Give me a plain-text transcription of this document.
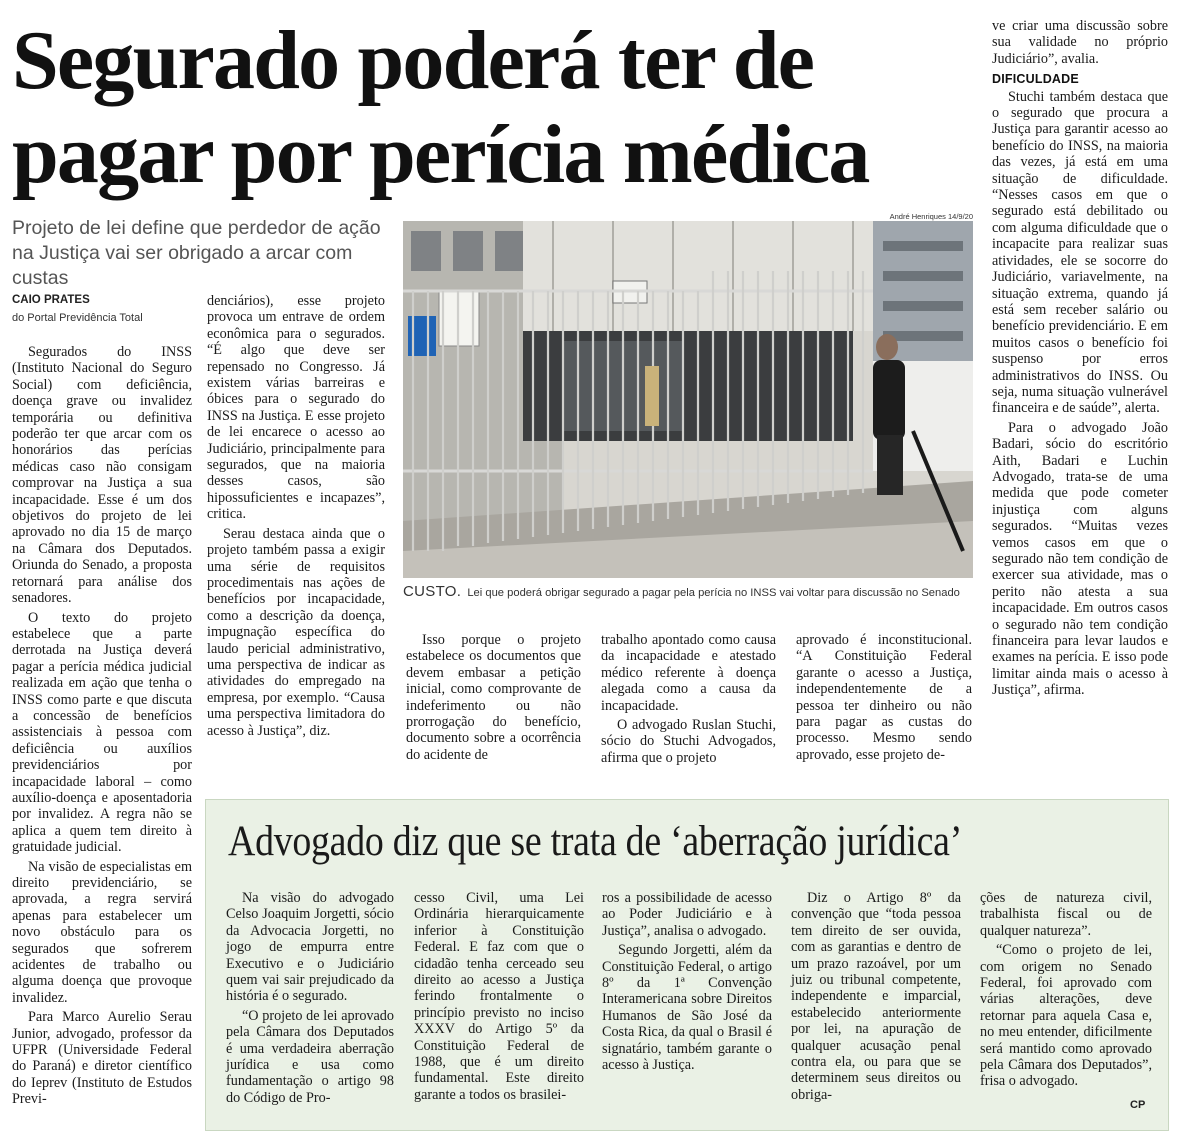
Segurado poderá ter de
pagar por perícia médica

Projeto de lei define que perdedor de ação na Justiça vai ser obrigado a arcar com custas

CAIO PRATES
do Portal Previdência Total

Segurados do INSS (Instituto Nacional do Seguro Social) com deficiência, doença grave ou invalidez temporária ou definitiva poderão ter que arcar com os honorários das perícias médicas caso não consigam comprovar na Justiça a sua incapacidade. Esse é um dos objetivos do projeto de lei aprovado no dia 15 de março na Câmara dos Deputados. Oriunda do Senado, a proposta retornará para análise dos senadores.

O texto do projeto estabelece que a parte derrotada na Justiça deverá pagar a perícia médica judicial realizada em ação que tenha o INSS como parte e que discuta a concessão de benefícios assistenciais à pessoa com deficiência ou auxílios previdenciários por incapacidade laboral – como auxílio-doença e aposentadoria por invalidez. A regra não se aplica a quem tem direito à gratuidade judicial.

Na visão de especialistas em direito previdenciário, se aprovada, a regra servirá apenas para estabelecer um novo obstáculo para os segurados que sofrerem acidentes de trabalho ou alguma doença que provoque invalidez.

Para Marco Aurelio Serau Junior, advogado, professor da UFPR (Universidade Federal do Paraná) e diretor científico do Ieprev (Instituto de Estudos Previ-

denciários), esse projeto provoca um entrave de ordem econômica para o segurados. “É algo que deve ser repensado no Congresso. Já existem várias barreiras e óbices para o segurado do INSS na Justiça. E esse projeto de lei encarece o acesso ao Judiciário, principalmente para segurados, que na maioria desses casos, são hipossuficientes e incapazes”, critica.

Serau destaca ainda que o projeto também passa a exigir uma série de requisitos procedimentais nas ações de benefícios por incapacidade, como a descrição da doença, impugnação específica do laudo pericial administrativo, uma perspectiva de indicar as atividades do empregado na empresa, por exemplo. “Causa uma perspectiva limitadora do acesso à Justiça”, diz.

André Henriques 14/9/20
CUSTO. Lei que poderá obrigar segurado a pagar pela perícia no INSS vai voltar para discussão no Senado

Isso porque o projeto estabelece os documentos que devem embasar a petição inicial, como comprovante de indeferimento ou não prorrogação do benefício, documento sobre a ocorrência do acidente de

trabalho apontado como causa da incapacidade e atestado médico referente à doença alegada como a causa da incapacidade.

O advogado Ruslan Stuchi, sócio do Stuchi Advogados, afirma que o projeto

aprovado é inconstitucional. “A Constituição Federal garante o acesso a Justiça, independentemente de a pessoa ter dinheiro ou não para pagar as custas do processo. Mesmo sendo aprovado, esse projeto de-

ve criar uma discussão sobre sua validade no próprio Judiciário”, avalia.

DIFICULDADE

Stuchi também destaca que o segurado que procura a Justiça para garantir acesso ao benefício do INSS, na maioria das vezes, já está em uma situação de dificuldade. “Nesses casos em que o segurado está debilitado ou com alguma dificuldade que o incapacite para realizar suas atividades, ele se socorre do Judiciário, variavelmente, na situação extrema, quando já está sem receber salário ou benefício previdenciário. E em muitos casos o benefício foi suspenso por erros administrativos do INSS. Ou seja, numa situação vulnerável financeira e de saúde”, alerta.

Para o advogado João Badari, sócio do escritório Aith, Badari e Luchin Advogado, trata-se de uma medida que pode cometer injustiça com alguns segurados. “Muitas vezes vemos casos em que o segurado não tem condição de exercer sua atividade, mas o perito não atesta a sua incapacidade. Em outros casos o segurado não tem condição financeira para levar laudos e exames na perícia. E isso pode limitar ainda mais o acesso à Justiça”, afirma.

Advogado diz que se trata de ‘aberração jurídica’

Na visão do advogado Celso Joaquim Jorgetti, sócio da Advocacia Jorgetti, no jogo de empurra entre Executivo e o Judiciário quem vai sair prejudicado da história é o segurado.

“O projeto de lei aprovado pela Câmara dos Deputados é uma verdadeira aberração jurídica e usa como fundamentação o artigo 98 do Código de Pro-

cesso Civil, uma Lei Ordinária hierarquicamente inferior à Constituição Federal. E faz com que o cidadão tenha cerceado seu direito ao acesso a Justiça ferindo frontalmente o princípio previsto no inciso XXXV do Artigo 5º da Constituição Federal de 1988, que é um direito fundamental. Este direito garante a todos os brasilei-

ros a possibilidade de acesso ao Poder Judiciário e à Justiça”, analisa o advogado.

Segundo Jorgetti, além da Constituição Federal, o artigo 8º da 1ª Convenção Interamericana sobre Direitos Humanos de São José da Costa Rica, da qual o Brasil é signatário, também garante o acesso à Justiça.

Diz o Artigo 8º da convenção que “toda pessoa tem direito de ser ouvida, com as garantias e dentro de um prazo razoável, por um juiz ou tribunal competente, independente e imparcial, estabelecido anteriormente por lei, na apuração de qualquer acusação penal contra ela, ou para que se determinem seus direitos ou obriga-

ções de natureza civil, trabalhista fiscal ou de qualquer natureza”.

“Como o projeto de lei, com origem no Senado Federal, foi aprovado com várias alterações, deve retornar para aquela Casa e, no meu entender, dificilmente será mantido como aprovado pela Câmara dos Deputados”, frisa o advogado.

CP
